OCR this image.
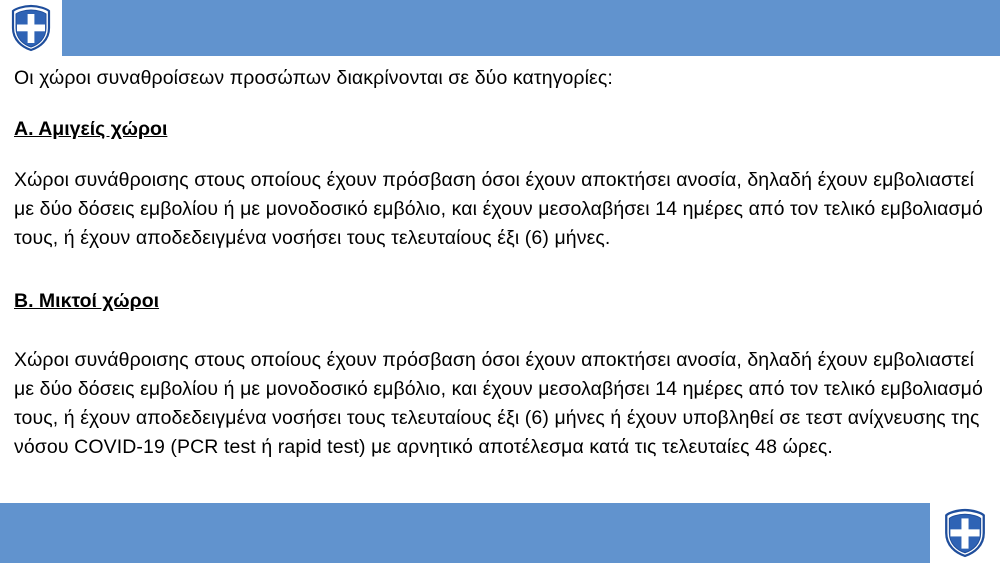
Οι χώροι συναθροίσεων προσώπων διακρίνονται σε δύο κατηγορίες:

Α. Αμιγείς χώροι

Χώροι συνάθροισης στους οποίους έχουν πρόσβαση όσοι έχουν αποκτήσει ανοσία, δηλαδή έχουν εμβολιαστεί με δύο δόσεις εμβολίου ή με μονοδοσικό εμβόλιο, και έχουν μεσολαβήσει 14 ημέρες από τον τελικό εμβολιασμό τους, ή έχουν αποδεδειγμένα νοσήσει τους τελευταίους έξι (6) μήνες.

Β. Μικτοί χώροι

Χώροι συνάθροισης στους οποίους έχουν πρόσβαση όσοι έχουν αποκτήσει ανοσία, δηλαδή έχουν εμβολιαστεί με δύο δόσεις εμβολίου ή με μονοδοσικό εμβόλιο, και έχουν μεσολαβήσει 14 ημέρες από τον τελικό εμβολιασμό τους, ή έχουν αποδεδειγμένα νοσήσει τους τελευταίους έξι (6) μήνες ή έχουν υποβληθεί σε τεστ ανίχνευσης της νόσου COVID-19 (PCR test ή rapid test) με αρνητικό αποτέλεσμα κατά τις τελευταίες 48 ώρες.
